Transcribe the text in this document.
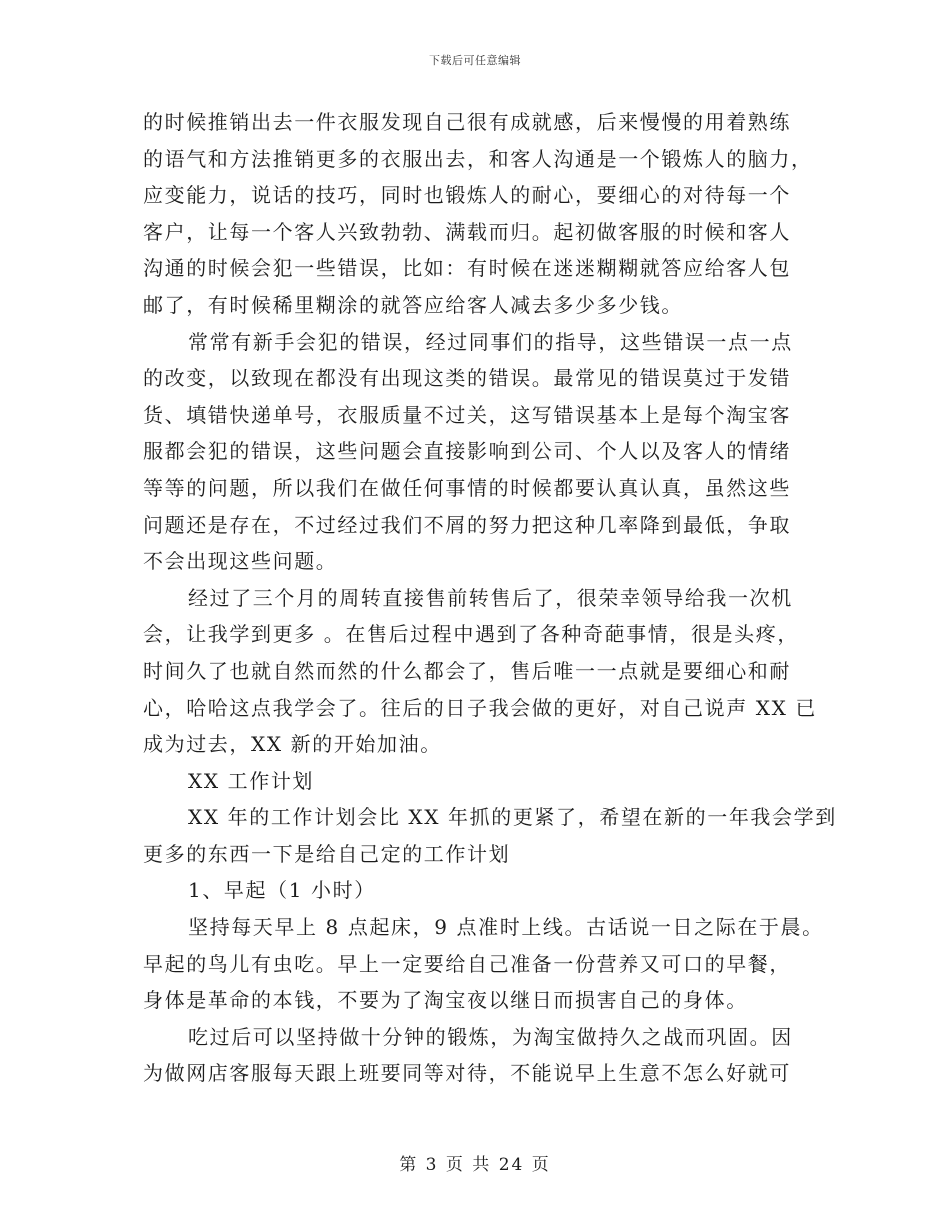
下载后可任意编辑
的时候推销出去一件衣服发现自己很有成就感，后来慢慢的用着熟练
的语气和方法推销更多的衣服出去，和客人沟通是一个锻炼人的脑力，
应变能力，说话的技巧，同时也锻炼人的耐心，要细心的对待每一个
客户，让每一个客人兴致勃勃、满载而归。起初做客服的时候和客人
沟通的时候会犯一些错误，比如：有时候在迷迷糊糊就答应给客人包
邮了，有时候稀里糊涂的就答应给客人减去多少多少钱。
常常有新手会犯的错误，经过同事们的指导，这些错误一点一点
的改变，以致现在都没有出现这类的错误。最常见的错误莫过于发错
货、填错快递单号，衣服质量不过关，这写错误基本上是每个淘宝客
服都会犯的错误，这些问题会直接影响到公司、个人以及客人的情绪
等等的问题，所以我们在做任何事情的时候都要认真认真，虽然这些
问题还是存在，不过经过我们不屑的努力把这种几率降到最低，争取
不会出现这些问题。
经过了三个月的周转直接售前转售后了，很荣幸领导给我一次机
会，让我学到更多 。在售后过程中遇到了各种奇葩事情，很是头疼，
时间久了也就自然而然的什么都会了，售后唯一一点就是要细心和耐
心，哈哈这点我学会了。往后的日子我会做的更好，对自己说声 XX 已
成为过去，XX 新的开始加油。
XX 工作计划
XX 年的工作计划会比 XX 年抓的更紧了，希望在新的一年我会学到
更多的东西一下是给自己定的工作计划
1、早起（1 小时）
坚持每天早上 8 点起床，9 点准时上线。古话说一日之际在于晨。
早起的鸟儿有虫吃。早上一定要给自己准备一份营养又可口的早餐，
身体是革命的本钱，不要为了淘宝夜以继日而损害自己的身体。
吃过后可以坚持做十分钟的锻炼，为淘宝做持久之战而巩固。因
为做网店客服每天跟上班要同等对待，不能说早上生意不怎么好就可
第 3 页 共 24 页
